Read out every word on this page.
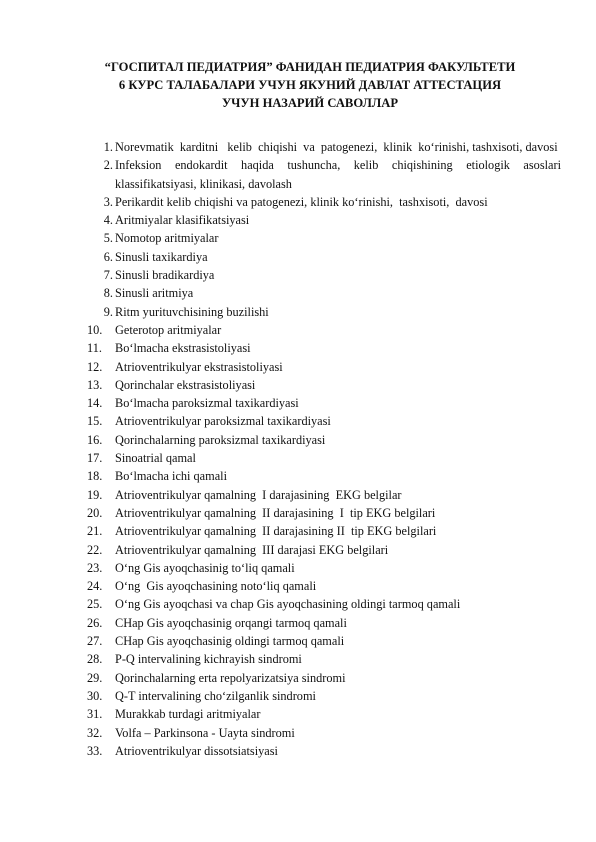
“ГОСПИТАЛ ПЕДИАТРИЯ” ФАНИДАН ПЕДИАТРИЯ ФАКУЛЬТЕТИ
6 КУРС ТАЛАБАЛАРИ УЧУН ЯКУНИЙ ДАВЛАТ АТТЕСТАЦИЯ
УЧУН НАЗАРИЙ САВОЛЛАР
1. Norevmatik  karditni   kelib  chiqishi  va  patogenezi,  klinik  ko‘rinishi, tashxisoti, davosi
2. Infeksion endokardit haqida tushuncha, kelib chiqishining etiologik asoslari klassifikatsiyasi, klinikasi, davolash
3. Perikardit kelib chiqishi va patogenezi, klinik ko‘rinishi,  tashxisoti,  davosi
4. Aritmiyalar klasifikatsiyasi
5. Nomotop aritmiyalar
6. Sinusli taxikardiya
7. Sinusli bradikardiya
8. Sinusli aritmiya
9. Ritm yurituvchisining buzilishi
10.	Geterotop aritmiyalar
11.	Bo‘lmacha ekstrasistoliyasi
12.	Atrioventrikulyar ekstrasistoliyasi
13.	Qorinchalar ekstrasistoliyasi
14.	Bo‘lmacha paroksizmal taxikardiyasi
15.	Atrioventrikulyar paroksizmal taxikardiyasi
16.	Qorinchalarning paroksizmal taxikardiyasi
17.	Sinoatrial qamal
18.	Bo‘lmacha ichi qamali
19.	Atrioventrikulyar qamalning  I darajasining  EKG belgilar
20.	Atrioventrikulyar qamalning  II darajasining  I  tip EKG belgilari
21.	Atrioventrikulyar qamalning  II darajasining II  tip EKG belgilari
22.	Atrioventrikulyar qamalning  III darajasi EKG belgilari
23.	O‘ng Gis ayoqchasinig to‘liq qamali
24.	O‘ng  Gis ayoqchasining noto‘liq qamali
25.	O‘ng Gis ayoqchasi va chap Gis ayoqchasining oldingi tarmoq qamali
26.	CHap Gis ayoqchasinig orqangi tarmoq qamali
27.	CHap Gis ayoqchasinig oldingi tarmoq qamali
28.	P-Q intervalining kichrayish sindromi
29.	Qorinchalarning erta repolyarizatsiya sindromi
30.	Q-T intervalining cho‘zilganlik sindromi
31.	Murakkab turdagi aritmiyalar
32.	Volfa – Parkinsona - Uayta sindromi
33.	Atrioventrikulyar dissotsiatsiyasi
